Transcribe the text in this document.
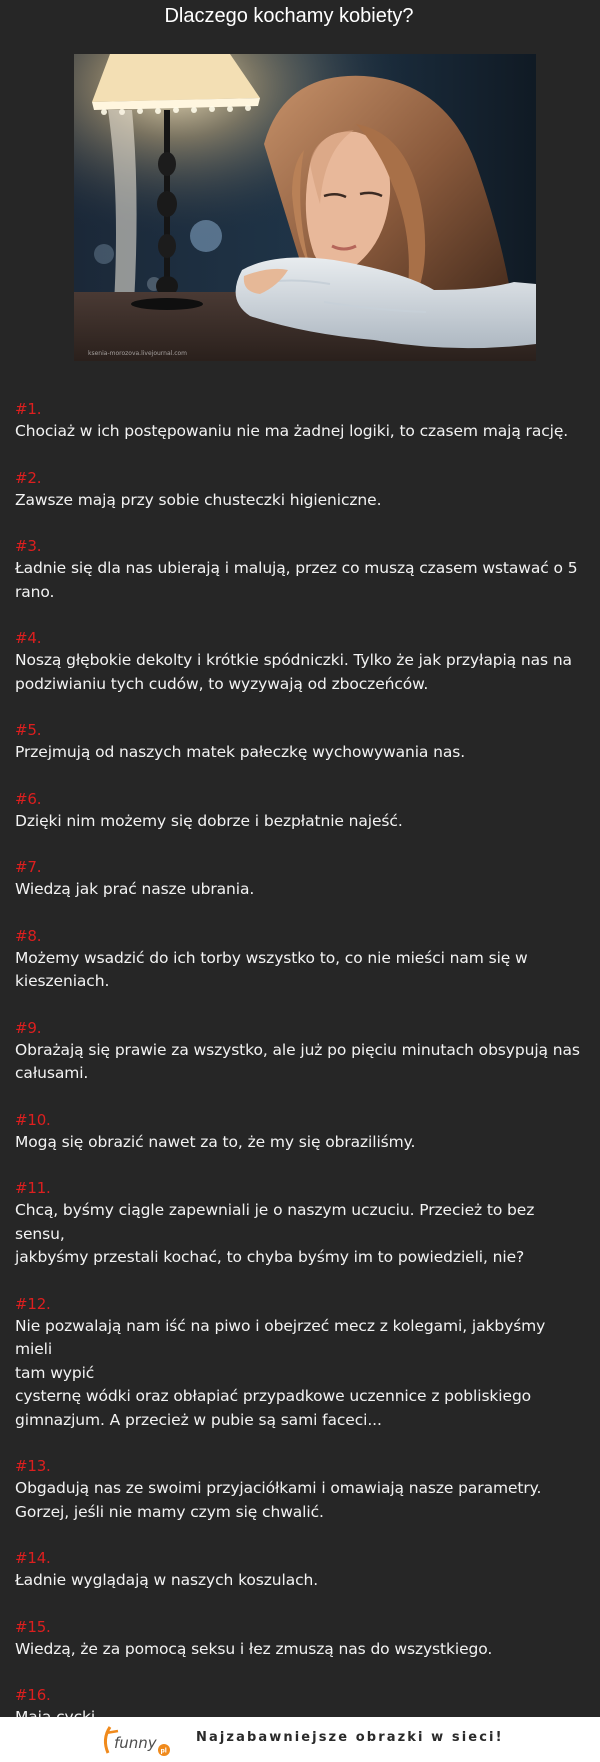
Dlaczego kochamy kobiety?
ksenia-morozova.livejournal.com
#1.
Chociaż w ich postępowaniu nie ma żadnej logiki, to czasem mają rację.
#2.
Zawsze mają przy sobie chusteczki higieniczne.
#3.
Ładnie się dla nas ubierają i malują, przez co muszą czasem wstawać o 5
rano.
#4.
Noszą głębokie dekolty i krótkie spódniczki. Tylko że jak przyłapią nas na
podziwianiu tych cudów, to wyzywają od zboczeńców.
#5.
Przejmują od naszych matek pałeczkę wychowywania nas.
#6.
Dzięki nim możemy się dobrze i bezpłatnie najeść.
#7.
Wiedzą jak prać nasze ubrania.
#8.
Możemy wsadzić do ich torby wszystko to, co nie mieści nam się w
kieszeniach.
#9.
Obrażają się prawie za wszystko, ale już po pięciu minutach obsypują nas
całusami.
#10.
Mogą się obrazić nawet za to, że my się obraziliśmy.
#11.
Chcą, byśmy ciągle zapewniali je o naszym uczuciu. Przecież to bez sensu,
jakbyśmy przestali kochać, to chyba byśmy im to powiedzieli, nie?
#12.
Nie pozwalają nam iść na piwo i obejrzeć mecz z kolegami, jakbyśmy mieli
tam wypić
cysternę wódki oraz obłapiać przypadkowe uczennice z pobliskiego
gimnazjum. A przecież w pubie są sami faceci...
#13.
Obgadują nas ze swoimi przyjaciółkami i omawiają nasze parametry.
Gorzej, jeśli nie mamy czym się chwalić.
#14.
Ładnie wyglądają w naszych koszulach.
#15.
Wiedzą, że za pomocą seksu i łez zmuszą nas do wszystkiego.
#16.
funny pl
Najzabawniejsze obrazki w sieci!
